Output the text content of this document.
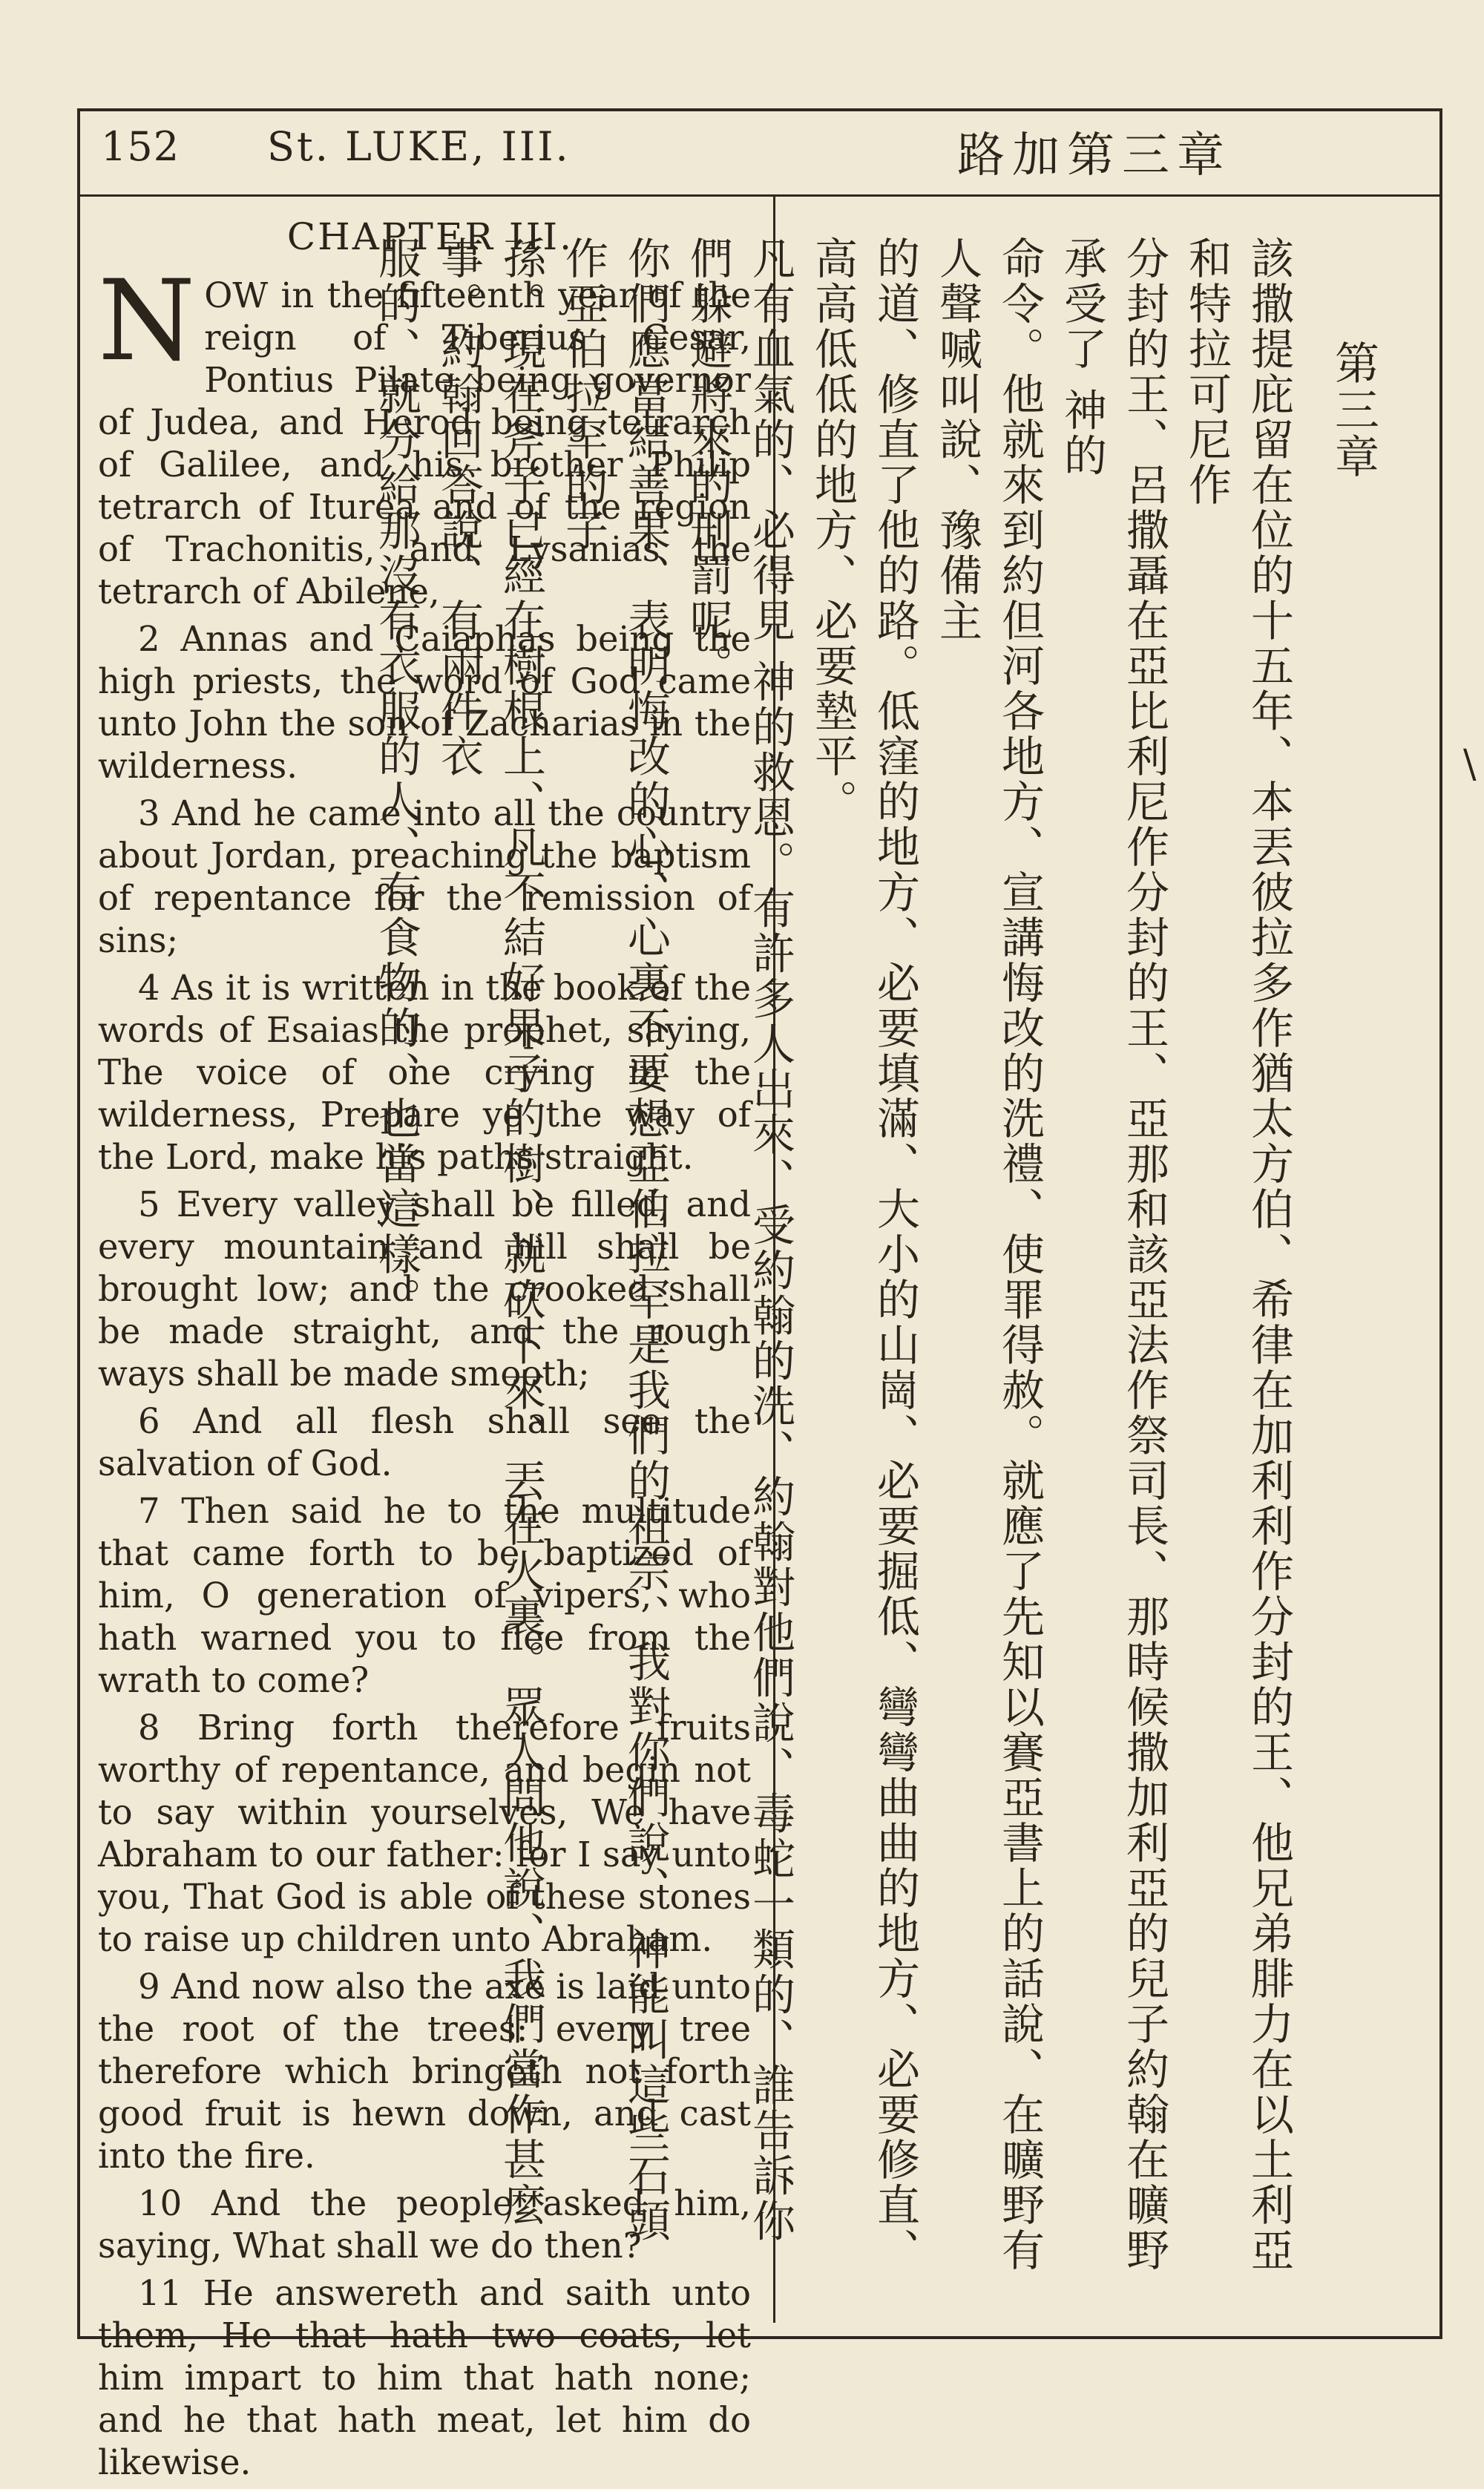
152 St. LUKE, III.	路加第三章
CHAPTER III.

NOW in the fifteenth year of the reign of Tiberius Cesar, Pontius Pilate being governor of Judea, and Herod being tetrarch of Galilee, and his brother Philip tetrarch of Iturea and of the region of Trachonitis, and Lysanias the tetrarch of Abilene,

2 Annas and Caiaphas being the high priests, the word of God came unto John the son of Zacharias in the wilderness.

3 And he came into all the country about Jordan, preaching the baptism of repentance for the remission of sins;

4 As it is written in the book of the words of Esaias the prophet, saying, The voice of one crying in the wilderness, Prepare ye the way of the Lord, make his paths straight.

5 Every valley shall be filled, and every mountain and hill shall be brought low; and the crooked shall be made straight, and the rough ways shall be made smooth;

6 And all flesh shall see the salvation of God.

7 Then said he to the multitude that came forth to be baptized of him, O generation of vipers, who hath warned you to flee from the wrath to come?

8 Bring forth therefore fruits worthy of repentance, and begin not to say within yourselves, We have Abraham to our father: for I say unto you, That God is able of these stones to raise up children unto Abraham.

9 And now also the axe is laid unto the root of the trees: every tree therefore which bringeth not forth good fruit is hewn down, and cast into the fire.

10 And the people asked him, saying, What shall we do then?

11 He answereth and saith unto them, He that hath two coats, let him impart to him that hath none; and he that hath meat, let him do likewise.

第三章

該撒提庇留在位的十五年、本丟彼拉多作猶太方伯、希律在加利利作分封的王、他兄弟腓力在以土利亞和特拉可尼作

分封的王、呂撒聶在亞比利尼作分封的王、亞那和該亞法作祭司長、那時候撒加利亞的兒子約翰在曠野承受了 神的

命令。他就來到約但河各地方、宣講悔改的洗禮、使罪得赦。就應了先知以賽亞書上的話說、在曠野有人聲喊叫說、豫備主

的道、修直了他的路。低窪的地方、必要填滿、大小的山崗、必要掘低、彎彎曲曲的地方、必要修直、高高低低的地方、必要墊平。

凡有血氣的、必得見 神的救恩。有許多人出來、受約翰的洗、約翰對他們說、毒蛇一類的、誰告訴你們躲避將來的刑罰呢。

你們應當結善果、表明悔改的心、心裏不要想亞伯拉罕是我們的祖宗、我對你們說、 神能叫這些石頭作亞伯拉罕的子

孫。現在斧子已經在樹根上、凡不結好果子的樹、就砍下來、丟在火裏。眾人問他說、我們當作甚麼事。約翰回答說、有兩件衣

服的、就分給那沒有衣服的人、有食物的、也當這樣。	\
